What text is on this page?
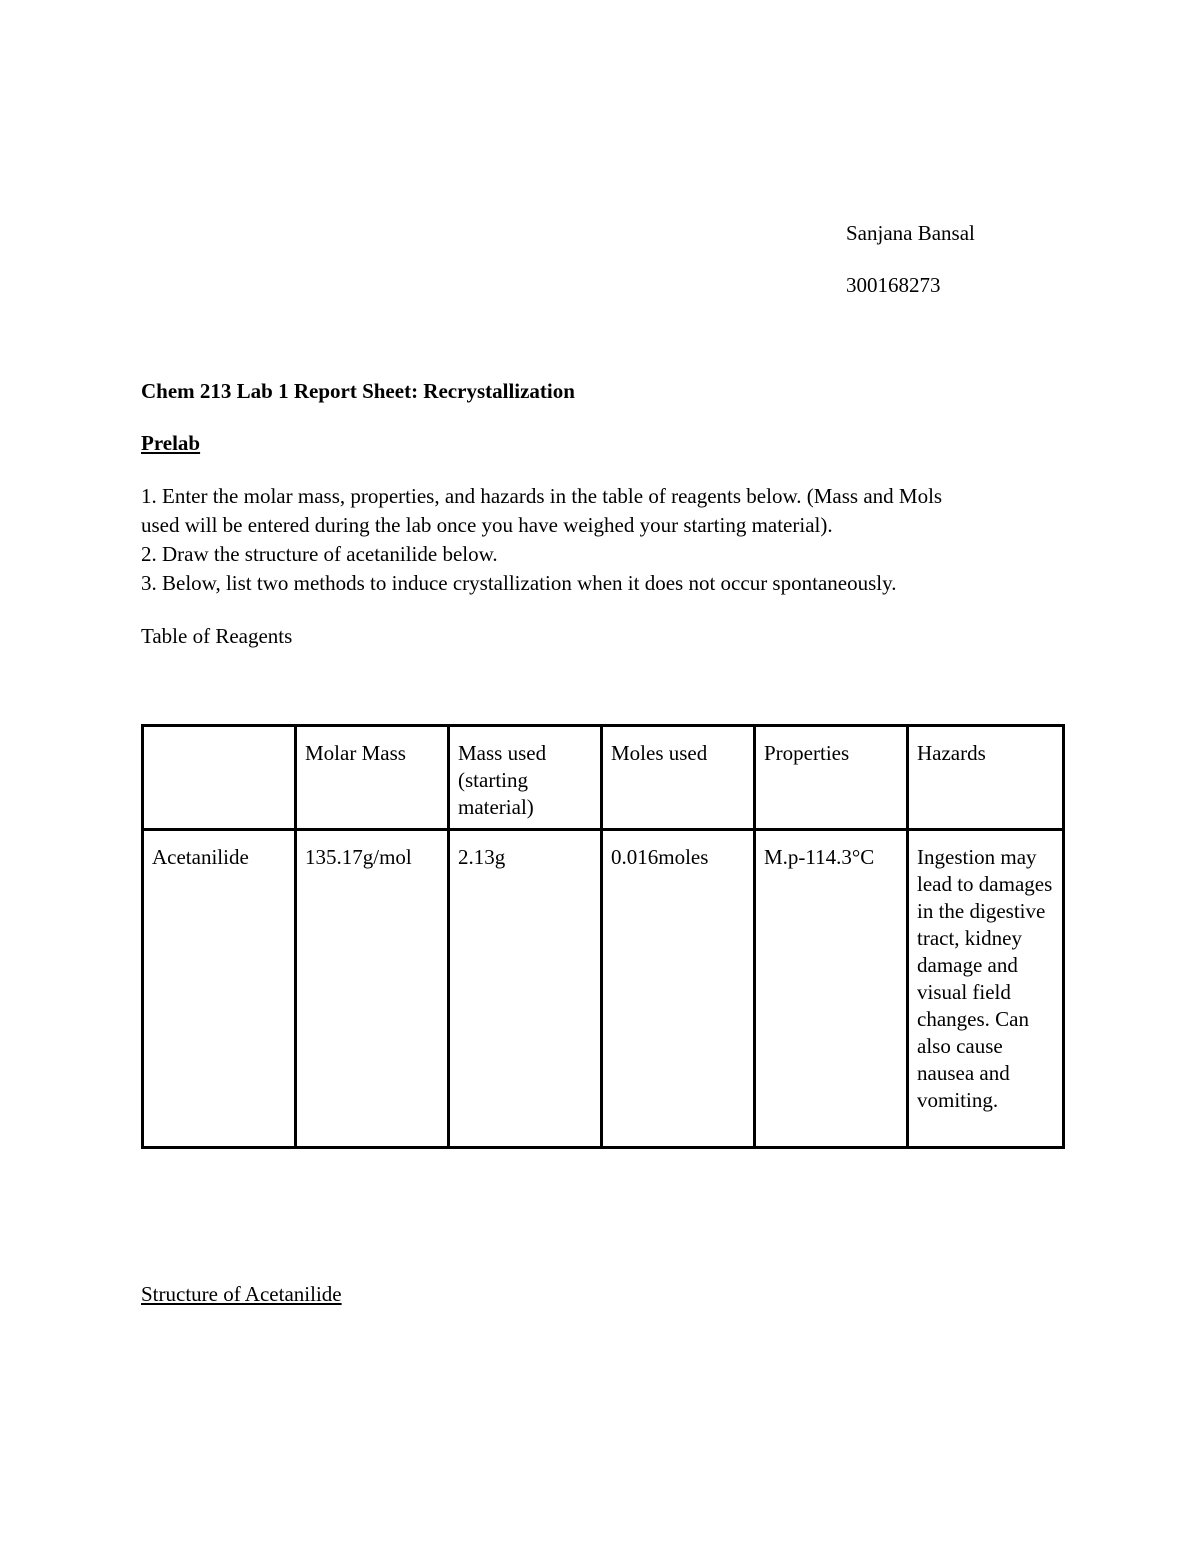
Sanjana Bansal
300168273
Chem 213 Lab 1 Report Sheet: Recrystallization
Prelab
1. Enter the molar mass, properties, and hazards in the table of reagents below. (Mass and Mols
used will be entered during the lab once you have weighed your starting material).
2. Draw the structure of acetanilide below.
3. Below, list two methods to induce crystallization when it does not occur spontaneously.
Table of Reagents
	Molar Mass	Mass used (starting material)	Moles used	Properties	Hazards
Acetanilide	135.17g/mol	2.13g	0.016moles	M.p-114.3°C	Ingestion may lead to damages in the digestive tract, kidney damage and visual field changes. Can also cause nausea and vomiting.
Structure of Acetanilide
